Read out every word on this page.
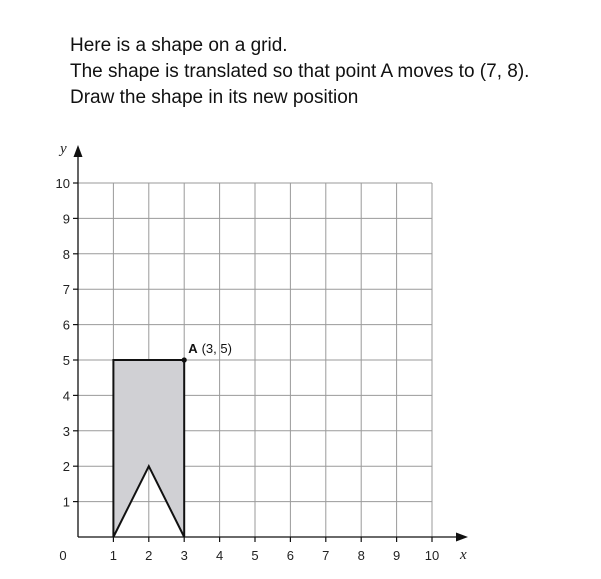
Here is a shape on a grid.
The shape is translated so that point A moves to (7, 8).
Draw the shape in its new position
1 2 3 4 5 6 7 8 9 10
1
2
3
4
5
6
7
8
9
10
0	x
y
A (3, 5)
